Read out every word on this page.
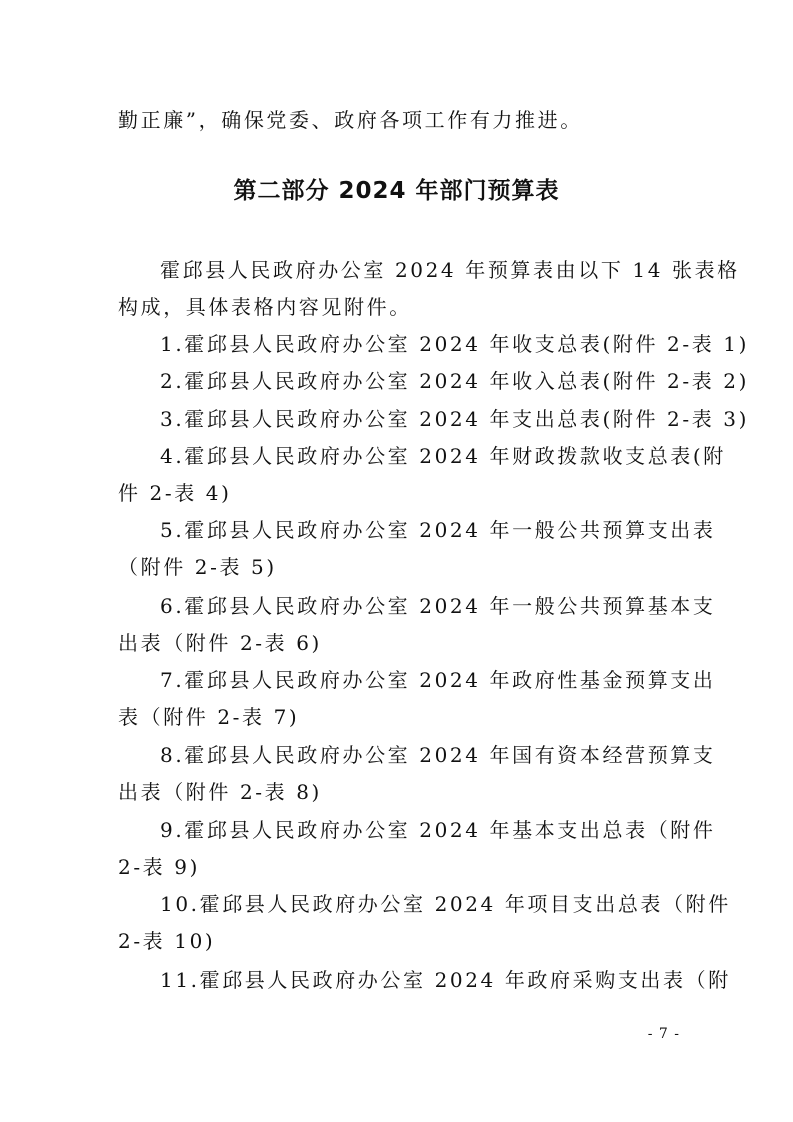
勤正廉”，确保党委、政府各项工作有力推进。
第二部分 2024 年部门预算表
霍邱县人民政府办公室 2024 年预算表由以下 14 张表格
构成，具体表格内容见附件。
1.霍邱县人民政府办公室 2024 年收支总表(附件 2-表 1)
2.霍邱县人民政府办公室 2024 年收入总表(附件 2-表 2)
3.霍邱县人民政府办公室 2024 年支出总表(附件 2-表 3)
4.霍邱县人民政府办公室 2024 年财政拨款收支总表(附
件 2-表 4)
5.霍邱县人民政府办公室 2024 年一般公共预算支出表
（附件 2-表 5)
6.霍邱县人民政府办公室 2024 年一般公共预算基本支
出表（附件 2-表 6)
7.霍邱县人民政府办公室 2024 年政府性基金预算支出
表（附件 2-表 7)
8.霍邱县人民政府办公室 2024 年国有资本经营预算支
出表（附件 2-表 8)
9.霍邱县人民政府办公室 2024 年基本支出总表（附件
2-表 9)
10.霍邱县人民政府办公室 2024 年项目支出总表（附件
2-表 10)
11.霍邱县人民政府办公室 2024 年政府采购支出表（附
- 7 -
